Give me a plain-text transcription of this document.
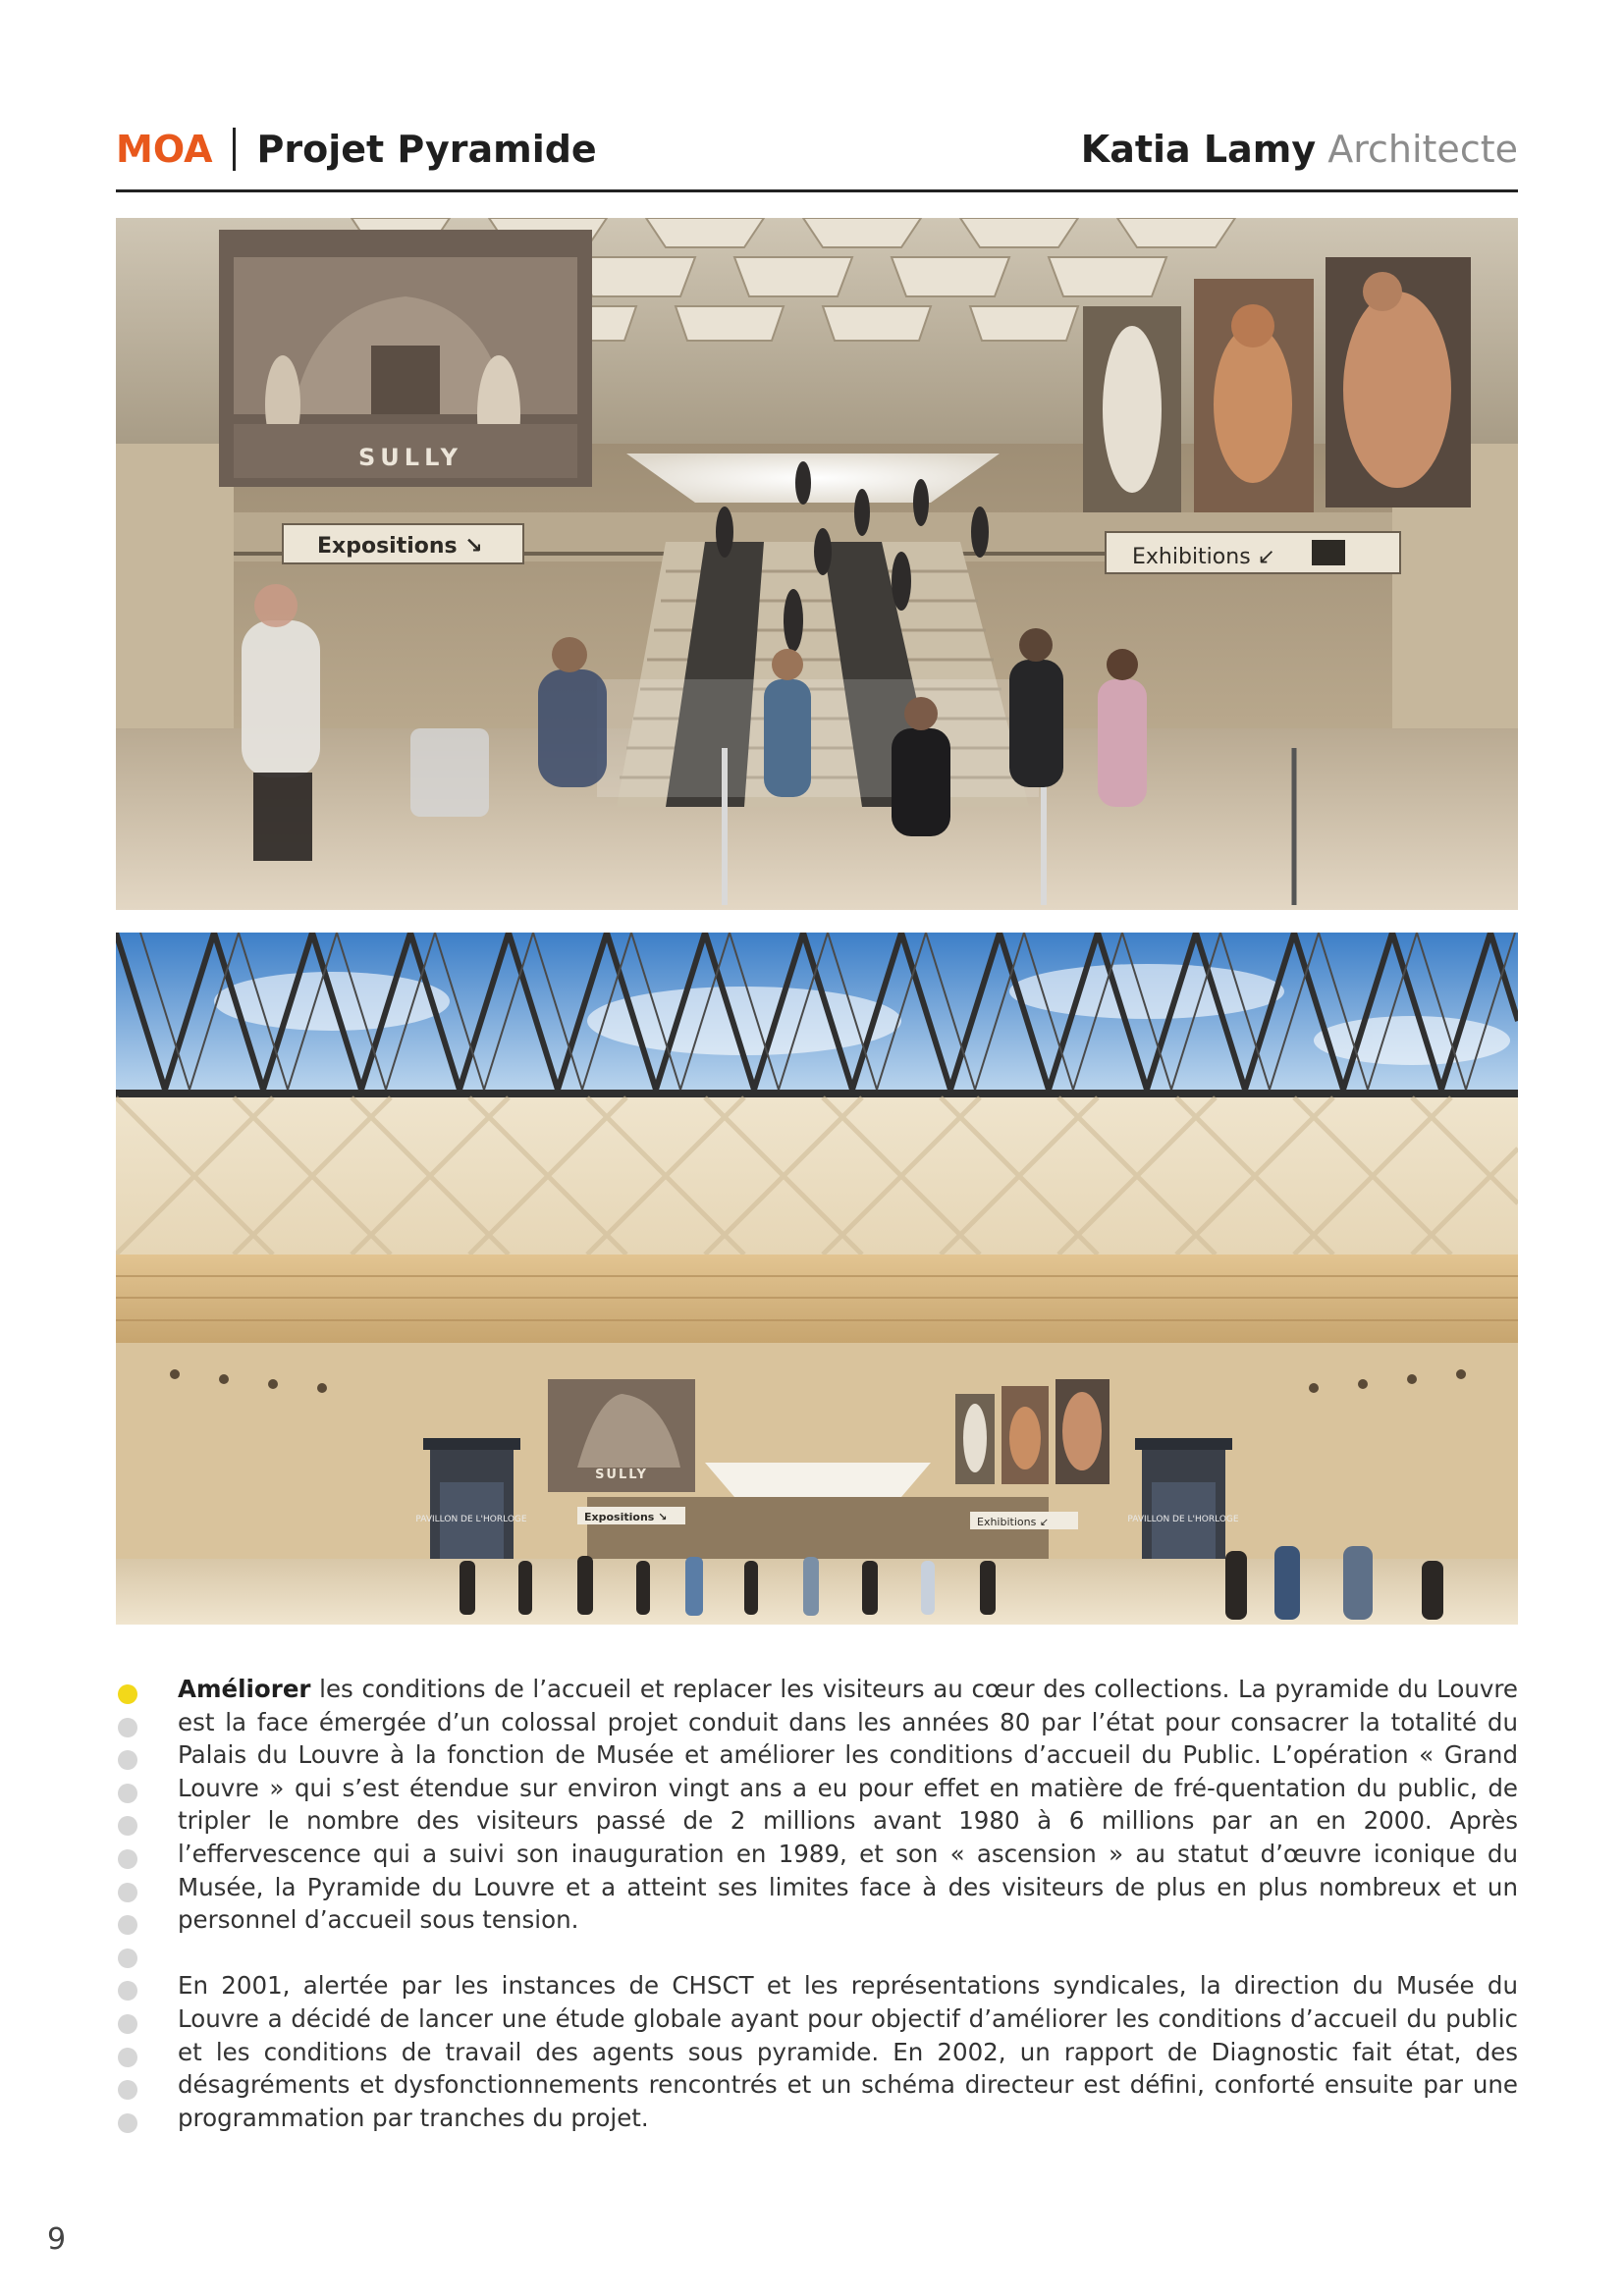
MOA Projet Pyramide	Katia Lamy Architecte
SULLY
Expositions ↘	Exhibitions ↙
SULLY
Expositions ↘	Exhibitions ↙
PAVILLON DE L'HORLOGE	PAVILLON DE L'HORLOGE

Améliorer les conditions de l’accueil et replacer les visiteurs au cœur des collections. La pyramide du Louvre est la face émergée d’un colossal projet conduit dans les années 80 par l’état pour consacrer la totalité du Palais du Louvre à la fonction de Musée et améliorer les conditions d’accueil du Public. L’opération « Grand Louvre » qui s’est étendue sur environ vingt ans a eu pour effet en matière de fré-quentation du public, de tripler le nombre des visiteurs passé de 2 millions avant 1980 à 6 millions par an en 2000. Après l’effervescence qui a suivi son inauguration en 1989, et son « ascension » au statut d’œuvre iconique du Musée, la Pyramide du Louvre et a atteint ses limites face à des visiteurs de plus en plus nombreux et un personnel d’accueil sous tension.

En 2001, alertée par les instances de CHSCT et les représentations syndicales, la direction du Musée du Louvre a décidé de lancer une étude globale ayant pour objectif d’améliorer les conditions d’accueil du public et les conditions de travail des agents sous pyramide. En 2002, un rapport de Diagnostic fait état, des désagréments et dysfonctionnements rencontrés et un schéma directeur est défini, conforté ensuite par une programmation par tranches du projet.

9
